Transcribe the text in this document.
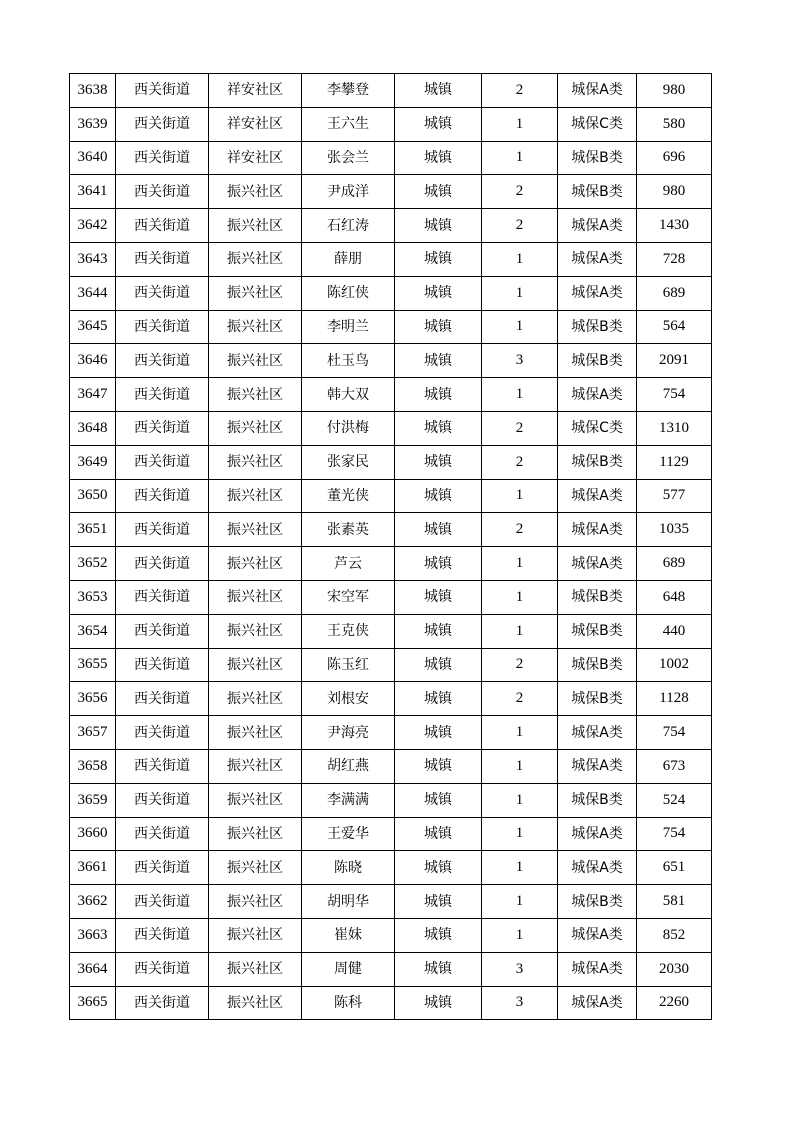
3638	西关街道	祥安社区	李攀登	城镇	2	城保A类	980
3639	西关街道	祥安社区	王六生	城镇	1	城保C类	580
3640	西关街道	祥安社区	张会兰	城镇	1	城保B类	696
3641	西关街道	振兴社区	尹成洋	城镇	2	城保B类	980
3642	西关街道	振兴社区	石红涛	城镇	2	城保A类	1430
3643	西关街道	振兴社区	薛朋	城镇	1	城保A类	728
3644	西关街道	振兴社区	陈红侠	城镇	1	城保A类	689
3645	西关街道	振兴社区	李明兰	城镇	1	城保B类	564
3646	西关街道	振兴社区	杜玉鸟	城镇	3	城保B类	2091
3647	西关街道	振兴社区	韩大双	城镇	1	城保A类	754
3648	西关街道	振兴社区	付洪梅	城镇	2	城保C类	1310
3649	西关街道	振兴社区	张家民	城镇	2	城保B类	1129
3650	西关街道	振兴社区	董光侠	城镇	1	城保A类	577
3651	西关街道	振兴社区	张素英	城镇	2	城保A类	1035
3652	西关街道	振兴社区	芦云	城镇	1	城保A类	689
3653	西关街道	振兴社区	宋空军	城镇	1	城保B类	648
3654	西关街道	振兴社区	王克侠	城镇	1	城保B类	440
3655	西关街道	振兴社区	陈玉红	城镇	2	城保B类	1002
3656	西关街道	振兴社区	刘根安	城镇	2	城保B类	1128
3657	西关街道	振兴社区	尹海亮	城镇	1	城保A类	754
3658	西关街道	振兴社区	胡红燕	城镇	1	城保A类	673
3659	西关街道	振兴社区	李满满	城镇	1	城保B类	524
3660	西关街道	振兴社区	王爱华	城镇	1	城保A类	754
3661	西关街道	振兴社区	陈晓	城镇	1	城保A类	651
3662	西关街道	振兴社区	胡明华	城镇	1	城保B类	581
3663	西关街道	振兴社区	崔妹	城镇	1	城保A类	852
3664	西关街道	振兴社区	周健	城镇	3	城保A类	2030
3665	西关街道	振兴社区	陈科	城镇	3	城保A类	2260
